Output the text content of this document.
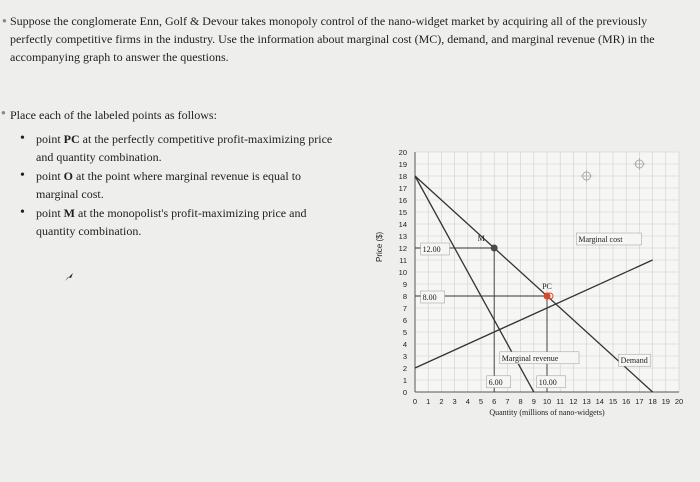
● Suppose the conglomerate Enn, Golf & Devour takes monopoly control of the nano-widget market by acquiring all of the previously perfectly competitive firms in the industry. Use the information about marginal cost (MC), demand, and marginal revenue (MR) in the accompanying graph to answer the questions.
● Place each of the labeled points as follows:
• point PC at the perfectly competitive profit-maximizing price and quantity combination.
• point O at the point where marginal revenue is equal to marginal cost.
• point M at the monopolist's profit-maximizing price and quantity combination.
Price ($)
0
1
2
3
4
5
6
7
8
9
10
11
12
13
14
15
16
17
18
19
20
0 1 2 3 4 5 6 7 8 9 10 11 12 13 14 15 16 17 18 19 20
Quantity (millions of nano-widgets)
12.00
8.00
6.00	10.00
Demand
Marginal revenue
Marginal cost
M
PC
